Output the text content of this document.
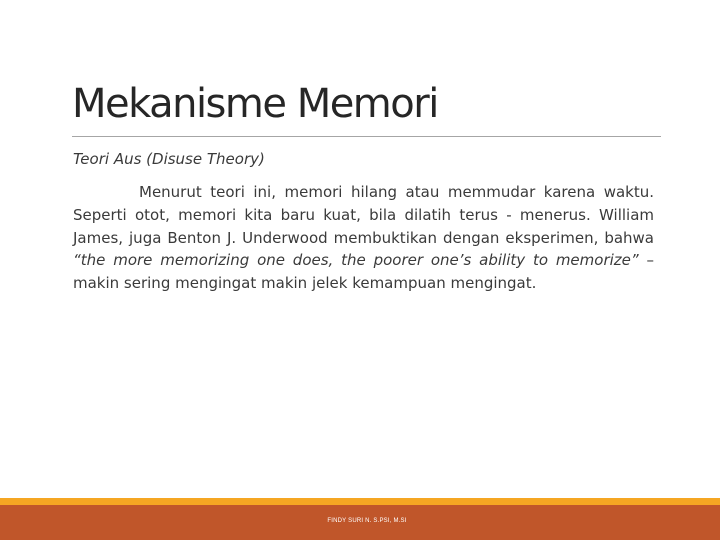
Mekanisme Memori
Teori Aus (Disuse Theory)

Menurut teori ini, memori hilang atau memmudar karena waktu. Seperti otot, memori kita baru kuat, bila dilatih terus - menerus. William James, juga Benton J. Underwood membuktikan dengan eksperimen, bahwa “the more memorizing one does, the poorer one’s ability to memorize” – makin sering mengingat makin jelek kemampuan mengingat.

FINDY SURI N. S.PSI, M.SI
